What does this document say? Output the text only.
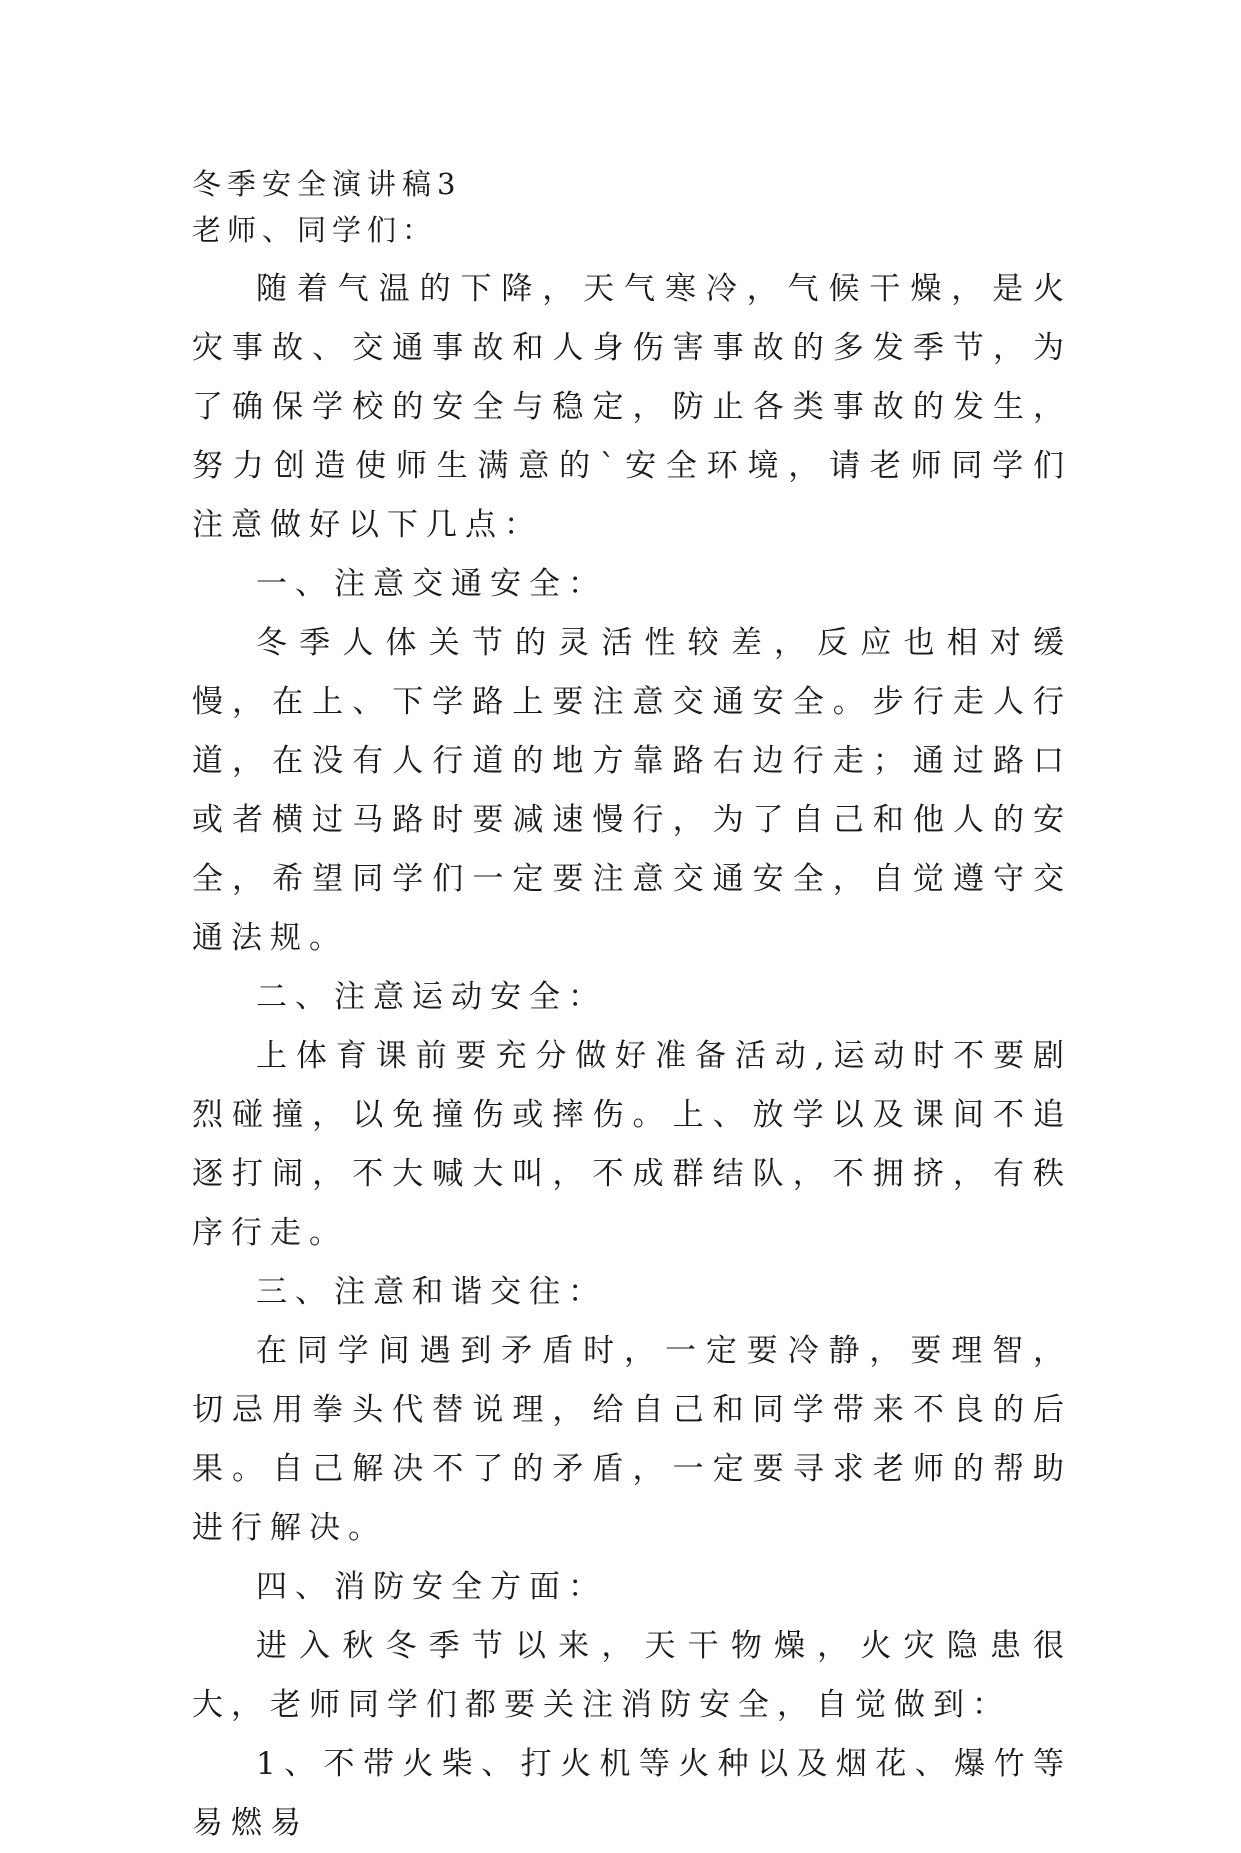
冬季安全演讲稿3

老师、同学们：

随着气温的下降，天气寒冷，气候干燥，是火灾事故、交通事故和人身伤害事故的多发季节，为了确保学校的安全与稳定，防止各类事故的发生，努力创造使师生满意的`安全环境，请老师同学们注意做好以下几点：

一、注意交通安全：

冬季人体关节的灵活性较差，反应也相对缓慢，在上、下学路上要注意交通安全。步行走人行道，在没有人行道的地方靠路右边行走；通过路口或者横过马路时要减速慢行，为了自己和他人的安全，希望同学们一定要注意交通安全，自觉遵守交通法规。

二、注意运动安全：

上体育课前要充分做好准备活动,运动时不要剧烈碰撞，以免撞伤或摔伤。上、放学以及课间不追逐打闹，不大喊大叫，不成群结队，不拥挤，有秩序行走。

三、注意和谐交往：

在同学间遇到矛盾时，一定要冷静，要理智，切忌用拳头代替说理，给自己和同学带来不良的后果。自己解决不了的矛盾，一定要寻求老师的帮助进行解决。

四、消防安全方面：

进入秋冬季节以来，天干物燥，火灾隐患很大，老师同学们都要关注消防安全，自觉做到：

1、不带火柴、打火机等火种以及烟花、爆竹等易燃易
